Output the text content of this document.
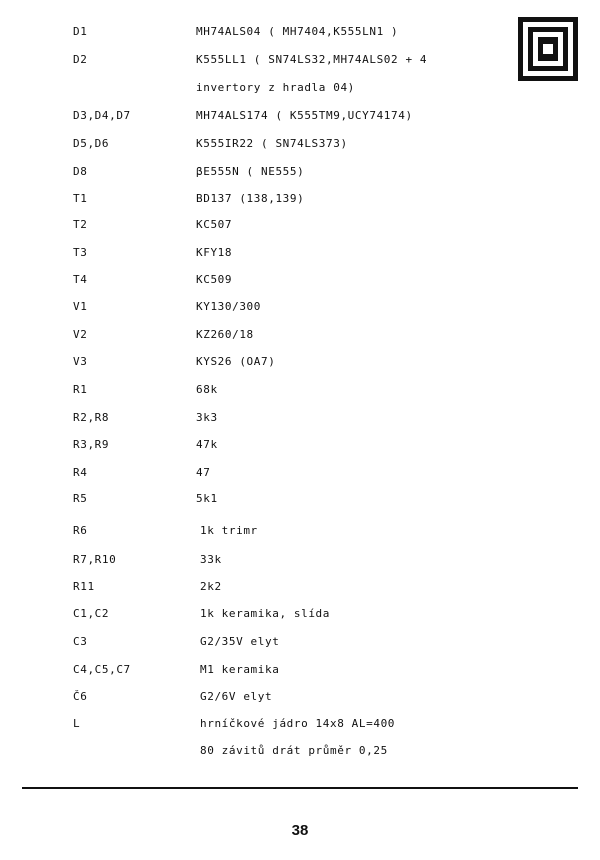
D1	MH74ALS04 ( MH7404,K555LN1 )
D2	K555LL1 ( SN74LS32,MH74ALS02 + 4
invertory z hradla 04)
D3,D4,D7	MH74ALS174 ( K555TM9,UCY74174)
D5,D6	K555IR22 ( SN74LS373)
D8	βE555N ( NE555)
T1	BD137 (138,139)
T2	KC507
T3	KFY18
T4	KC509
V1	KY130/300
V2	KZ260/18
V3	KYS26 (OA7)
R1	68k
R2,R8	3k3
R3,R9	47k
R4	47
R5	5k1
R6	1k trimr
R7,R10	33k
R11	2k2
C1,C2	1k keramika, slída
C3	G2/35V elyt
C4,C5,C7	M1 keramika
Č6	G2/6V elyt
L	hrníčkové jádro 14x8 AL=400
80 závitů drát průměr 0,25
38
